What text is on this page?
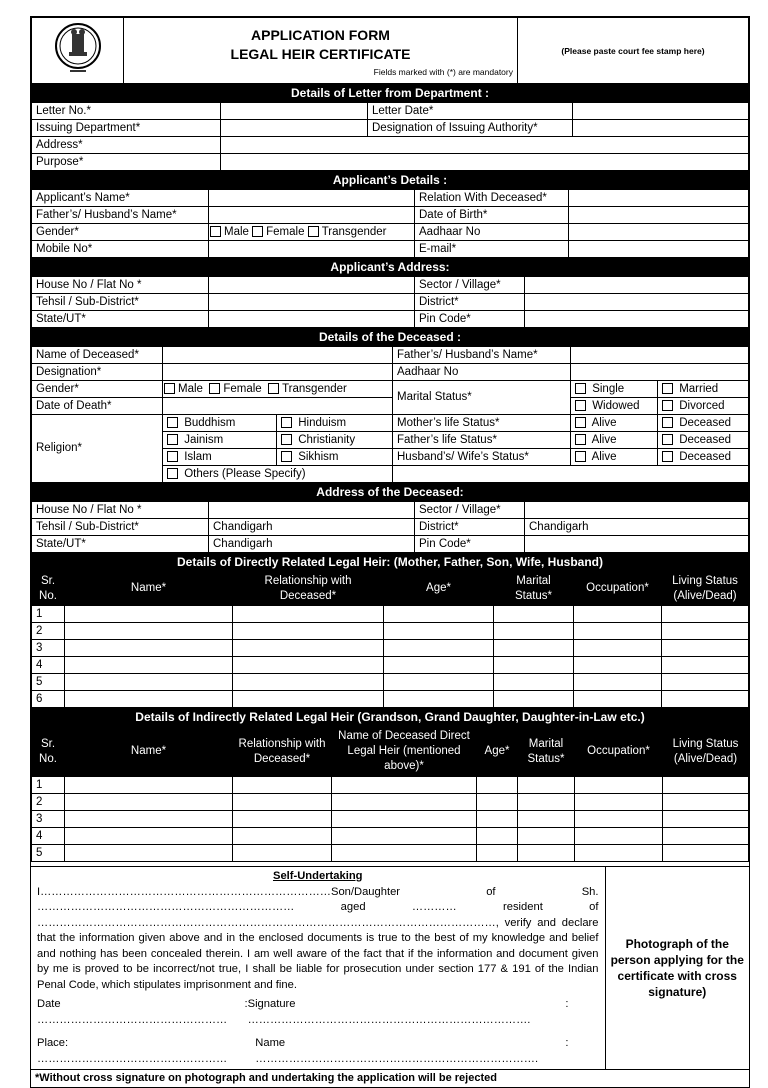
APPLICATION FORM
LEGAL HEIR CERTIFICATE
Fields marked with (*) are mandatory
	(Please paste court fee stamp here)
Details of Letter from Department :
Letter No.*		Letter Date*	
Issuing Department*		Designation of Issuing Authority*	
Address*			
Purpose*			
Applicant’s Details :
Applicant’s Name*		Relation With Deceased*	
Father’s/ Husband’s Name*		Date of Birth*	
Gender*	Male Female Transgender	Aadhaar No	
Mobile No*		E-mail*	
Applicant’s Address:
House No / Flat No *		Sector / Village*	
Tehsil / Sub-District*		District*	
State/UT*		Pin Code*	
Details of the Deceased :
Name of Deceased*			Father’s/ Husband’s Name*		
Designation*			Aadhaar No		
Gender*	Male Female Transgender		Marital Status*	Single	Married
Date of Death*				Widowed	Divorced
Religion*	Buddhism	Hinduism	Mother’s life Status*	Alive	Deceased
	Jainism	Christianity	Father’s life Status*	Alive	Deceased
	Islam	Sikhism	Husband’s/ Wife’s Status*	Alive	Deceased
	Others (Please Specify)				
Address of the Deceased:
House No / Flat No *		Sector / Village*	
Tehsil / Sub-District*	Chandigarh	District*	Chandigarh
State/UT*	Chandigarh	Pin Code*	
Details of Directly Related Legal Heir: (Mother, Father, Son, Wife, Husband)
Sr. No.	Name*	Relationship with Deceased*	Age*	Marital Status*	Occupation*	Living Status (Alive/Dead)
1						
2						
3						
4						
5						
6						
Details of Indirectly Related Legal Heir (Grandson, Grand Daughter, Daughter-in-Law etc.)
Sr. No.	Name*	Relationship with Deceased*	Name of Deceased Direct Legal Heir (mentioned above)*	Age*	Marital Status*	Occupation*	Living Status (Alive/Dead)
1							
2							
3							
4							
5							
Self-Undertaking
I……………………………………………………………………Son/Daughter of Sh. …………………………………………………………… aged ………… resident of ……………………………………………………………………………………………………………, verify and declare that the information given above and in the enclosed documents is true to the best of my knowledge and belief and nothing has been concealed therein. I am well aware of the fact that if the information and document given by me is proved to be incorrect/not true, I shall be liable for prosecution under section 177 & 191 of the Indian Penal Code, which stipulates imprisonment and fine.
Date : ……………………………………………
Signature : ………………………………………………………………….
Place: ……………………………………………
Name : ………………………………………………………………….
	Photograph of the person applying for the certificate with cross signature)
*Without cross signature on photograph and undertaking the application will be rejected
